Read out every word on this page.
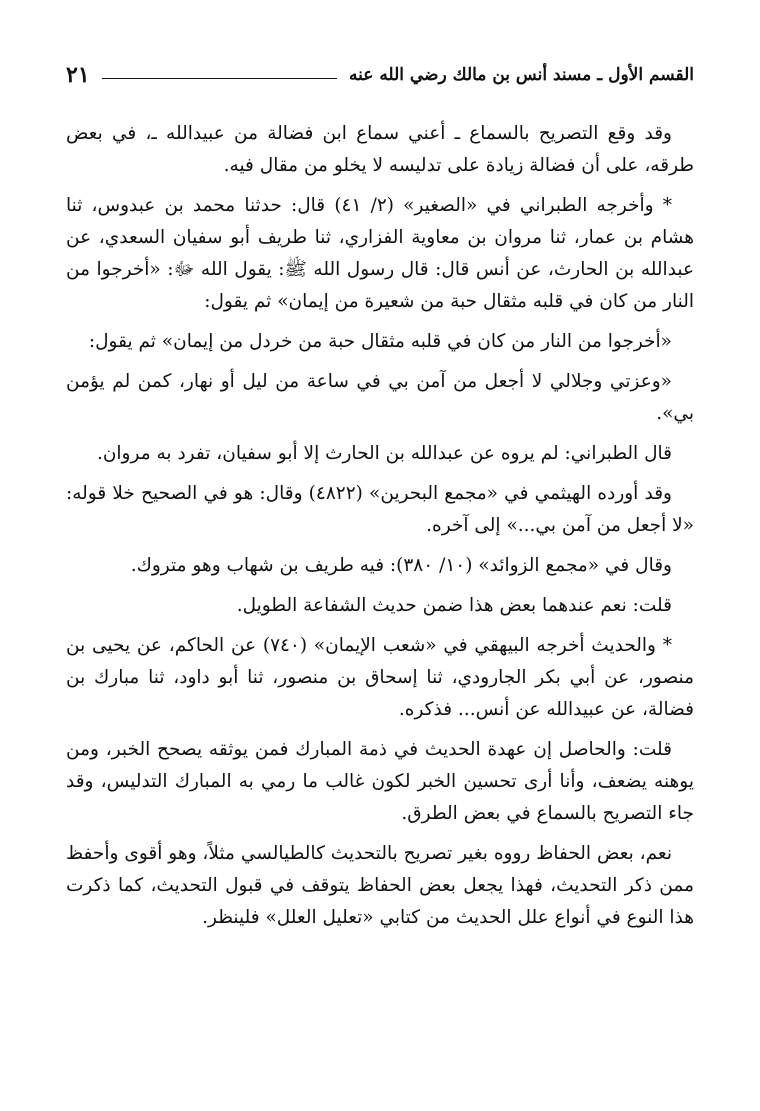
القسم الأول ـ مسند أنس بن مالك رضي الله عنه
٢١

وقد وقع التصريح بالسماع ـ أعني سماع ابن فضالة من عبيدالله ـ، في بعض طرقه، على أن فضالة زيادة على تدليسه لا يخلو من مقال فيه.

* وأخرجه الطبراني في «الصغير» (٢/ ٤١) قال: حدثنا محمد بن عبدوس، ثنا هشام بن عمار، ثنا مروان بن معاوية الفزاري، ثنا طريف أبو سفيان السعدي، عن عبدالله بن الحارث، عن أنس قال: قال رسول الله ﷺ: يقول الله ﷻ: «أخرجوا من النار من كان في قلبه مثقال حبة من شعيرة من إيمان» ثم يقول:

«أخرجوا من النار من كان في قلبه مثقال حبة من خردل من إيمان» ثم يقول:

«وعزتي وجلالي لا أجعل من آمن بي في ساعة من ليل أو نهار، كمن لم يؤمن بي».

قال الطبراني: لم يروه عن عبدالله بن الحارث إلا أبو سفيان، تفرد به مروان.

وقد أورده الهيثمي في «مجمع البحرين» (٤٨٢٢) وقال: هو في الصحيح خلا قوله: «لا أجعل من آمن بي...» إلى آخره.

وقال في «مجمع الزوائد» (١٠/ ٣٨٠): فيه طريف بن شهاب وهو متروك.

قلت: نعم عندهما بعض هذا ضمن حديث الشفاعة الطويل.

* والحديث أخرجه البيهقي في «شعب الإيمان» (٧٤٠) عن الحاكم، عن يحيى بن منصور، عن أبي بكر الجارودي، ثنا إسحاق بن منصور، ثنا أبو داود، ثنا مبارك بن فضالة، عن عبيدالله عن أنس... فذكره.

قلت: والحاصل إن عهدة الحديث في ذمة المبارك فمن يوثقه يصحح الخبر، ومن يوهنه يضعف، وأنا أرى تحسين الخبر لكون غالب ما رمي به المبارك التدليس، وقد جاء التصريح بالسماع في بعض الطرق.

نعم، بعض الحفاظ رووه بغير تصريح بالتحديث كالطيالسي مثلاً، وهو أقوى وأحفظ ممن ذكر التحديث، فهذا يجعل بعض الحفاظ يتوقف في قبول التحديث، كما ذكرت هذا النوع في أنواع علل الحديث من كتابي «تعليل العلل» فلينظر.
